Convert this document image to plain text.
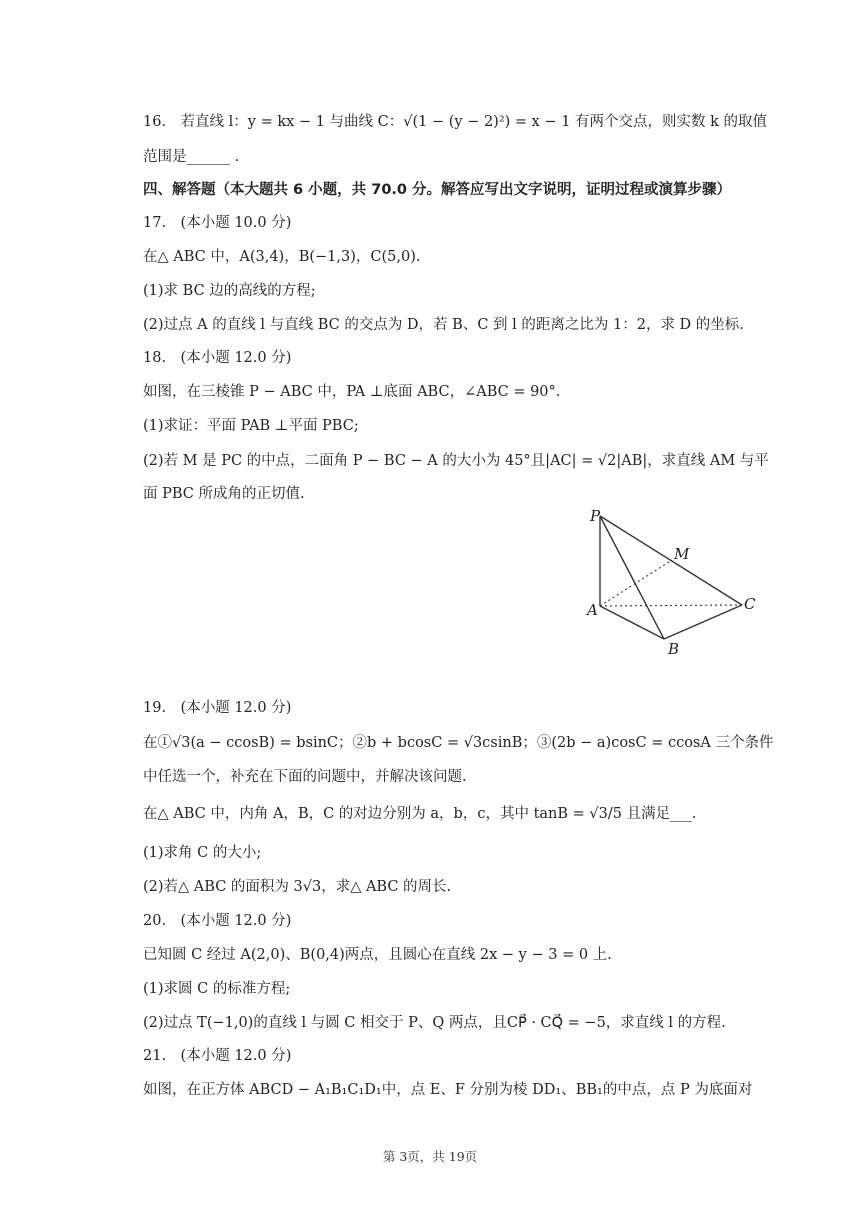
16.　若直线 l：y = kx − 1 与曲线 C：√(1 − (y − 2)²) = x − 1 有两个交点，则实数 k 的取值
范围是______ .
四、解答题（本大题共 6 小题，共 70.0 分。解答应写出文字说明，证明过程或演算步骤）
17.　(本小题 10.0 分)
在△ ABC 中，A(3,4)，B(−1,3)，C(5,0).
(1)求 BC 边的高线的方程;
(2)过点 A 的直线 l 与直线 BC 的交点为 D，若 B、C 到 l 的距离之比为 1：2，求 D 的坐标.
18.　(本小题 12.0 分)
如图，在三棱锥 P − ABC 中，PA ⊥底面 ABC，∠ABC = 90°.
(1)求证：平面 PAB ⊥平面 PBC;
(2)若 M 是 PC 的中点，二面角 P − BC − A 的大小为 45°且|AC| = √2|AB|，求直线 AM 与平
面 PBC 所成角的正切值.
P
M
A	C
B
19.　(本小题 12.0 分)
在①√3(a − ccosB) = bsinC；②b + bcosC = √3csinB；③(2b − a)cosC = ccosA 三个条件
中任选一个，补充在下面的问题中，并解决该问题.
在△ ABC 中，内角 A，B，C 的对边分别为 a，b，c，其中 tanB = √3/5 且满足___.
(1)求角 C 的大小;
(2)若△ ABC 的面积为 3√3，求△ ABC 的周长.
20.　(本小题 12.0 分)
已知圆 C 经过 A(2,0)、B(0,4)两点，且圆心在直线 2x − y − 3 = 0 上.
(1)求圆 C 的标准方程;
(2)过点 T(−1,0)的直线 l 与圆 C 相交于 P、Q 两点，且CP⃗ · CQ⃗ = −5，求直线 l 的方程.
21.　(本小题 12.0 分)
如图，在正方体 ABCD − A₁B₁C₁D₁中，点 E、F 分别为棱 DD₁、BB₁的中点，点 P 为底面对
第 3页，共 19页
